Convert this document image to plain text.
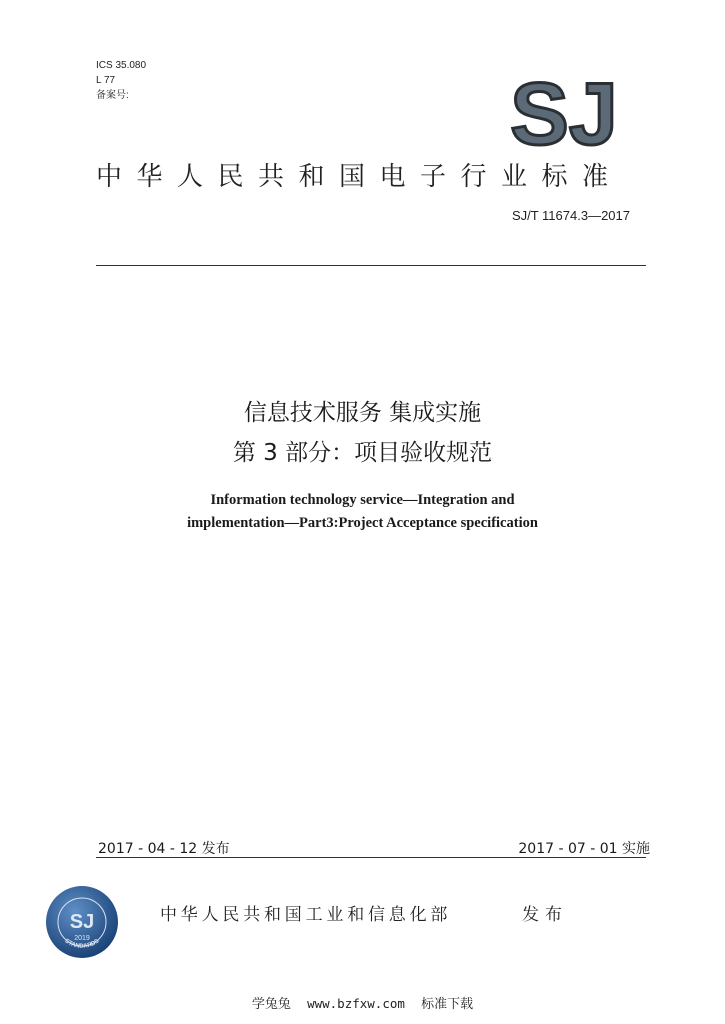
ICS 35.080
L 77
备案号:	SJ
中华人民共和国电子行业标准
SJ/T 11674.3—2017
信息技术服务 集成实施
第 3 部分：项目验收规范
Information technology service—Integration and
implementation—Part3:Project Acceptance specification
2017 - 04 - 12 发布	2017 - 07 - 01 实施
SJ
2019
STANDARDS
中华人民共和国工业和信息化部	发布
学兔兔 www.bzfxw.com 标准下载
